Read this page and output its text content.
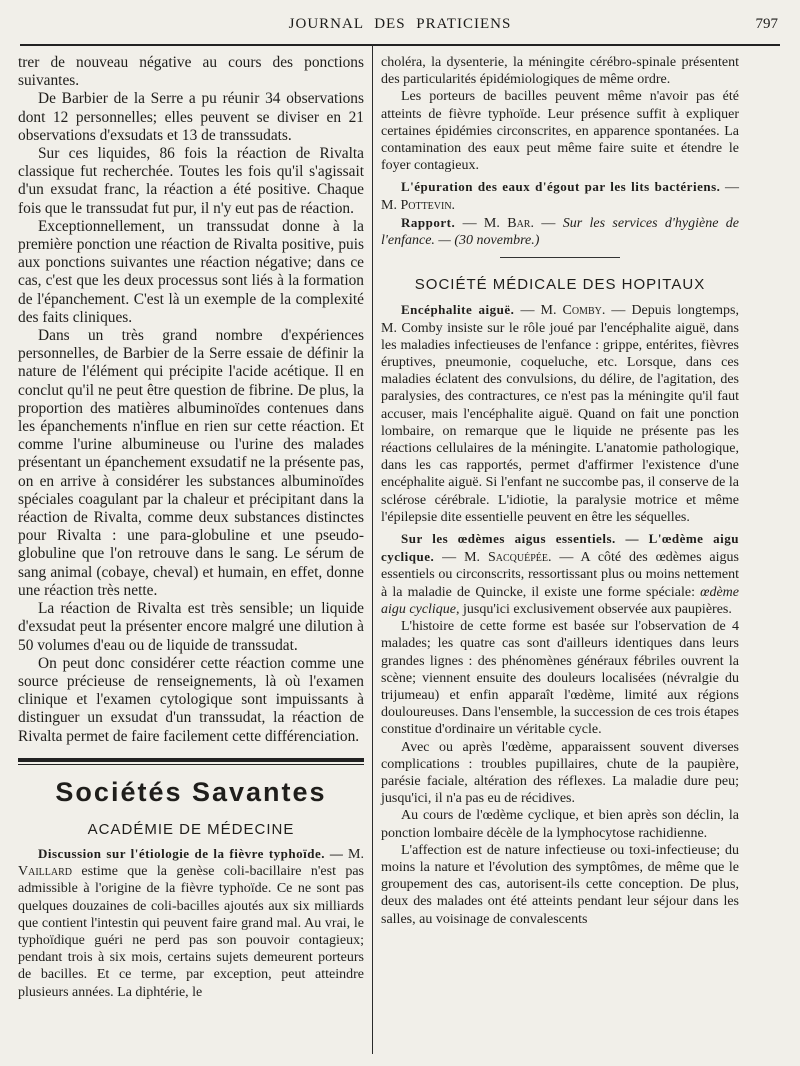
JOURNAL DES PRATICIENS	797

trer de nouveau négative au cours des ponctions suivantes.

De Barbier de la Serre a pu réunir 34 observations dont 12 personnelles; elles peuvent se diviser en 21 observations d'exsudats et 13 de transsudats.

Sur ces liquides, 86 fois la réaction de Rivalta classique fut recherchée. Toutes les fois qu'il s'agissait d'un exsudat franc, la réaction a été positive. Chaque fois que le transsudat fut pur, il n'y eut pas de réaction.

Exceptionnellement, un transsudat donne à la première ponction une réaction de Rivalta positive, puis aux ponctions suivantes une réaction négative; dans ce cas, c'est que les deux processus sont liés à la formation de l'épanchement. C'est là un exemple de la complexité des faits cliniques.

Dans un très grand nombre d'expériences personnelles, de Barbier de la Serre essaie de définir la nature de l'élément qui précipite l'acide acétique. Il en conclut qu'il ne peut être question de fibrine. De plus, la proportion des matières albuminoïdes contenues dans les épanchements n'influe en rien sur cette réaction. Et comme l'urine albumineuse ou l'urine des malades présentant un épanchement exsudatif ne la présente pas, on en arrive à considérer les substances albuminoïdes spéciales coagulant par la chaleur et précipitant dans la réaction de Rivalta, comme deux substances distinctes pour Rivalta : une para-globuline et une pseudo-globuline que l'on retrouve dans le sang. Le sérum de sang animal (cobaye, cheval) et humain, en effet, donne une réaction très nette.

La réaction de Rivalta est très sensible; un liquide d'exsudat peut la présenter encore malgré une dilution à 50 volumes d'eau ou de liquide de transsudat.

On peut donc considérer cette réaction comme une source précieuse de renseignements, là où l'examen clinique et l'examen cytologique sont impuissants à distinguer un exsudat d'un transsudat, la réaction de Rivalta permet de faire facilement cette différenciation.

Sociétés Savantes
ACADÉMIE DE MÉDECINE

Discussion sur l'étiologie de la fièvre typhoïde. — M. Vaillard estime que la genèse coli-bacillaire n'est pas admissible à l'origine de la fièvre typhoïde. Ce ne sont pas quelques douzaines de coli-bacilles ajoutés aux six milliards que contient l'intestin qui peuvent faire grand mal. Au vrai, le typhoïdique guéri ne perd pas son pouvoir contagieux; pendant trois à six mois, certains sujets demeurent porteurs de bacilles. Et ce terme, par exception, peut atteindre plusieurs années. La diphtérie, le

choléra, la dysenterie, la méningite cérébro-spinale présentent des particularités épidémiologiques de même ordre.

Les porteurs de bacilles peuvent même n'avoir pas été atteints de fièvre typhoïde. Leur présence suffit à expliquer certaines épidémies circonscrites, en apparence spontanées. La contamination des eaux peut même faire suite et étendre le foyer contagieux.

L'épuration des eaux d'égout par les lits bactériens. — M. Pottevin.

Rapport. — M. Bar. — Sur les services d'hygiène de l'enfance. — (30 novembre.)

SOCIÉTÉ MÉDICALE DES HOPITAUX

Encéphalite aiguë. — M. Comby. — Depuis longtemps, M. Comby insiste sur le rôle joué par l'encéphalite aiguë, dans les maladies infectieuses de l'enfance : grippe, entérites, fièvres éruptives, pneumonie, coqueluche, etc. Lorsque, dans ces maladies éclatent des convulsions, du délire, de l'agitation, des paralysies, des contractures, ce n'est pas la méningite qu'il faut accuser, mais l'encéphalite aiguë. Quand on fait une ponction lombaire, on remarque que le liquide ne présente pas les réactions cellulaires de la méningite. L'anatomie pathologique, dans les cas rapportés, permet d'affirmer l'existence d'une encéphalite aiguë. Si l'enfant ne succombe pas, il conserve de la sclérose cérébrale. L'idiotie, la paralysie motrice et même l'épilepsie dite essentielle peuvent en être les séquelles.

Sur les œdèmes aigus essentiels. — L'œdème aigu cyclique. — M. Sacquépée. — A côté des œdèmes aigus essentiels ou circonscrits, ressortissant plus ou moins nettement à la maladie de Quincke, il existe une forme spéciale: œdème aigu cyclique, jusqu'ici exclusivement observée aux paupières.

L'histoire de cette forme est basée sur l'observation de 4 malades; les quatre cas sont d'ailleurs identiques dans leurs grandes lignes : des phénomènes généraux fébriles ouvrent la scène; viennent ensuite des douleurs localisées (névralgie du trijumeau) et enfin apparaît l'œdème, limité aux régions douloureuses. Dans l'ensemble, la succession de ces trois étapes constitue d'ordinaire un véritable cycle.

Avec ou après l'œdème, apparaissent souvent diverses complications : troubles pupillaires, chute de la paupière, parésie faciale, altération des réflexes. La maladie dure peu; jusqu'ici, il n'a pas eu de récidives.

Au cours de l'œdème cyclique, et bien après son déclin, la ponction lombaire décèle de la lymphocytose rachidienne.

L'affection est de nature infectieuse ou toxi-infectieuse; du moins la nature et l'évolution des symptômes, de même que le groupement des cas, autorisent-ils cette conception. De plus, deux des malades ont été atteints pendant leur séjour dans les salles, au voisinage de convalescents
